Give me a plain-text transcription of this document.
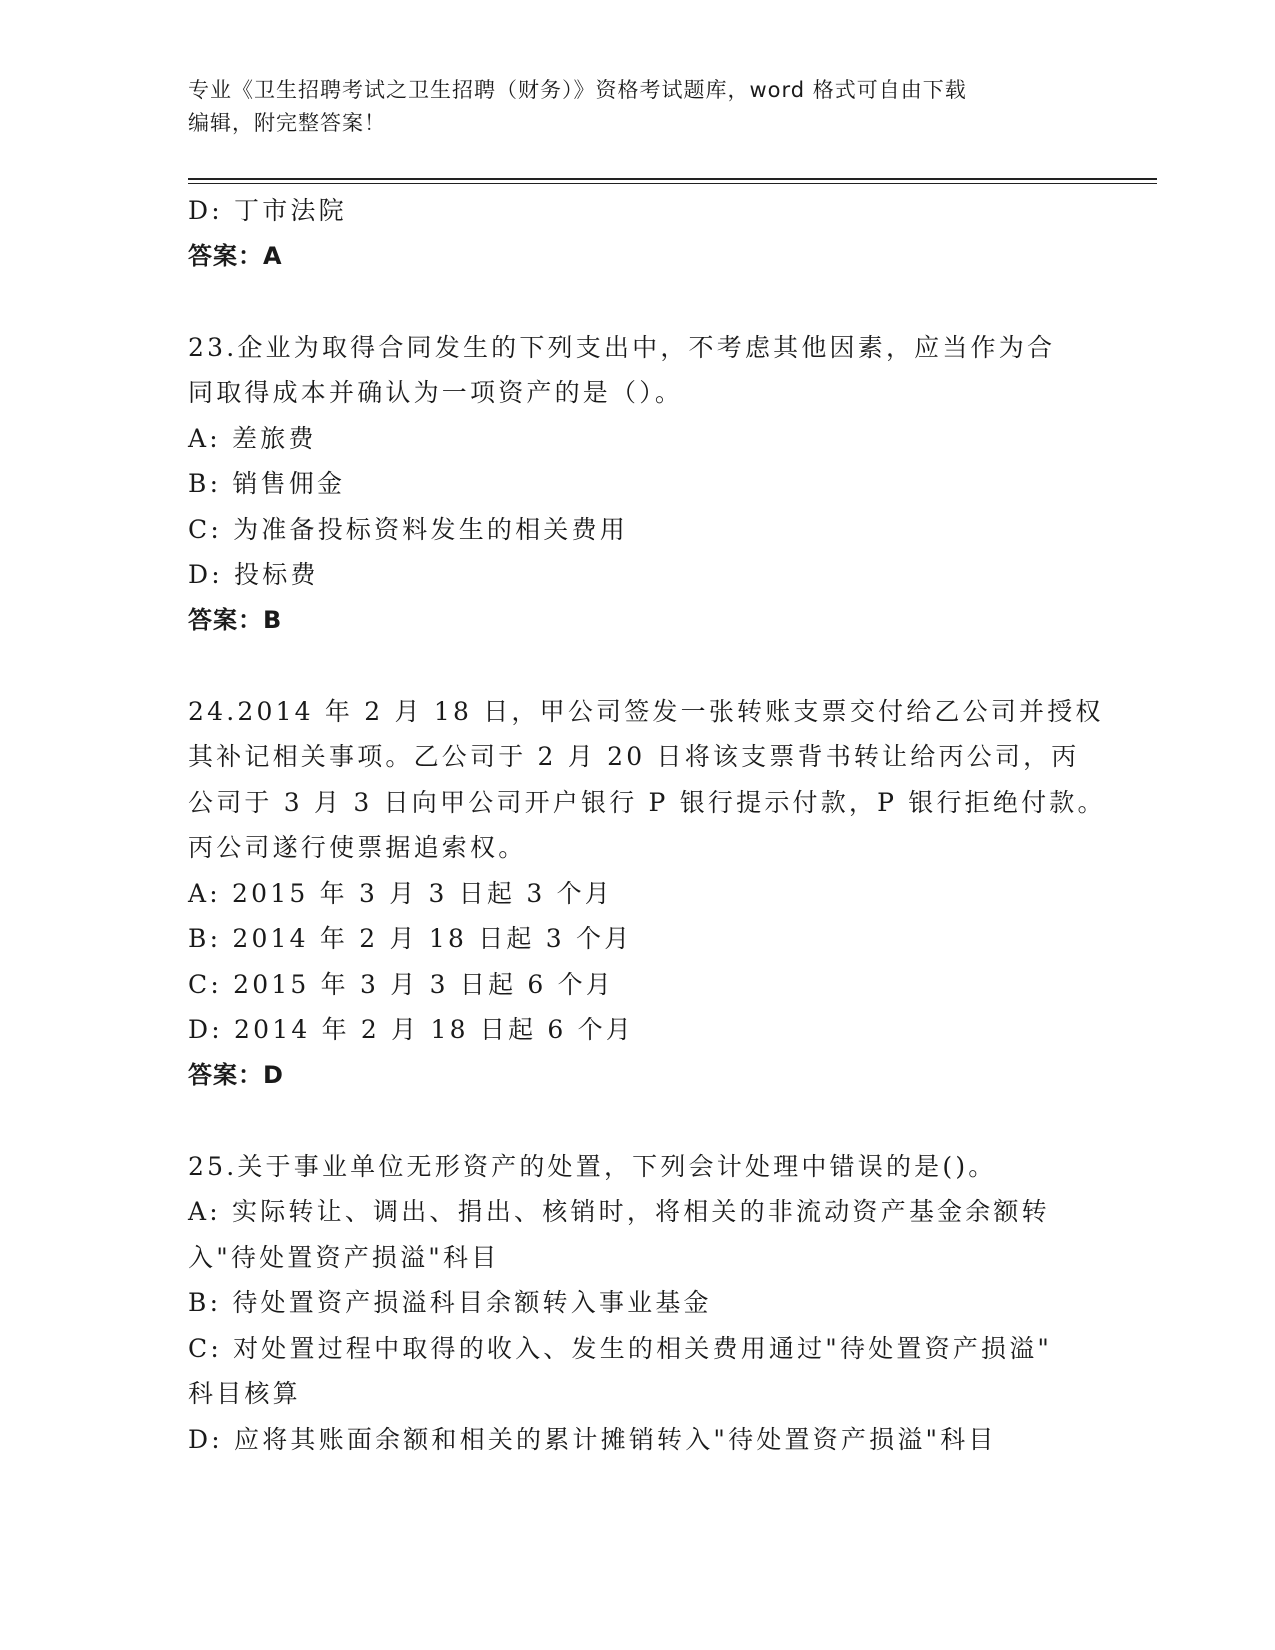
专业《卫生招聘考试之卫生招聘（财务）》资格考试题库，word 格式可自由下载
编辑，附完整答案！
D: 丁市法院
答案：A
23.企业为取得合同发生的下列支出中，不考虑其他因素，应当作为合
同取得成本并确认为一项资产的是（）。
A: 差旅费
B: 销售佣金
C: 为准备投标资料发生的相关费用
D: 投标费
答案：B
24.2014 年 2 月 18 日，甲公司签发一张转账支票交付给乙公司并授权
其补记相关事项。乙公司于 2 月 20 日将该支票背书转让给丙公司，丙
公司于 3 月 3 日向甲公司开户银行 P 银行提示付款，P 银行拒绝付款。
丙公司遂行使票据追索权。
A: 2015 年 3 月 3 日起 3 个月
B: 2014 年 2 月 18 日起 3 个月
C: 2015 年 3 月 3 日起 6 个月
D: 2014 年 2 月 18 日起 6 个月
答案：D
25.关于事业单位无形资产的处置，下列会计处理中错误的是()。
A: 实际转让、调出、捐出、核销时，将相关的非流动资产基金余额转
入"待处置资产损溢"科目
B: 待处置资产损溢科目余额转入事业基金
C: 对处置过程中取得的收入、发生的相关费用通过"待处置资产损溢"
科目核算
D: 应将其账面余额和相关的累计摊销转入"待处置资产损溢"科目
